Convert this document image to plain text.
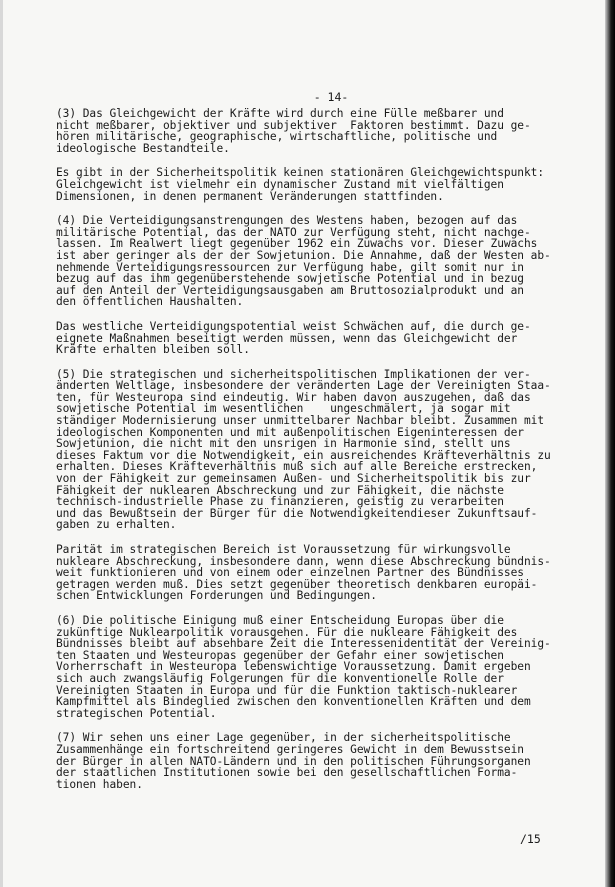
- 14-

(3) Das Gleichgewicht der Kräfte wird durch eine Fülle meßbarer und
nicht meßbarer, objektiver und subjektiver  Faktoren bestimmt. Dazu ge-
hören militärische, geographische, wirtschaftliche, politische und
ideologische Bestandteile.

Es gibt in der Sicherheitspolitik keinen stationären Gleichgewichtspunkt:
Gleichgewicht ist vielmehr ein dynamischer Zustand mit vielfältigen
Dimensionen, in denen permanent Veränderungen stattfinden.

(4) Die Verteidigungsanstrengungen des Westens haben, bezogen auf das
militärische Potential, das der NATO zur Verfügung steht, nicht nachge-
lassen. Im Realwert liegt gegenüber 1962 ein Zuwachs vor. Dieser Zuwachs
ist aber geringer als der der Sowjetunion. Die Annahme, daß der Westen ab-
nehmende Verteidigungsressourcen zur Verfügung habe, gilt somit nur in
bezug auf das ihm gegenüberstehende sowjetische Potential und in bezug
auf den Anteil der Verteidigungsausgaben am Bruttosozialprodukt und an
den öffentlichen Haushalten.

Das westliche Verteidigungspotential weist Schwächen auf, die durch ge-
eignete Maßnahmen beseitigt werden müssen, wenn das Gleichgewicht der
Kräfte erhalten bleiben soll.

(5) Die strategischen und sicherheitspolitischen Implikationen der ver-
änderten Weltlage, insbesondere der veränderten Lage der Vereinigten Staa-
ten, für Westeuropa sind eindeutig. Wir haben davon auszugehen, daß das
sowjetische Potential im wesentlichen    ungeschmälert, ja sogar mit
ständiger Modernisierung unser unmittelbarer Nachbar bleibt. Zusammen mit
ideologischen Komponenten und mit außenpolitischen Eigeninteressen der
Sowjetunion, die nicht mit den unsrigen in Harmonie sind, stellt uns
dieses Faktum vor die Notwendigkeit, ein ausreichendes Kräfteverhältnis zu
erhalten. Dieses Kräfteverhältnis muß sich auf alle Bereiche erstrecken,
von der Fähigkeit zur gemeinsamen Außen- und Sicherheitspolitik bis zur
Fähigkeit der nuklearen Abschreckung und zur Fähigkeit, die nächste
technisch-industrielle Phase zu finanzieren, geistig zu verarbeiten
und das Bewußtsein der Bürger für die Notwendigkeitendieser Zukunftsauf-
gaben zu erhalten.

Parität im strategischen Bereich ist Voraussetzung für wirkungsvolle
nukleare Abschreckung, insbesondere dann, wenn diese Abschreckung bündnis-
weit funktionieren und von einem oder einzelnen Partner des Bündnisses
getragen werden muß. Dies setzt gegenüber theoretisch denkbaren europäi-
schen Entwicklungen Forderungen und Bedingungen.

(6) Die politische Einigung muß einer Entscheidung Europas über die
zukünftige Nuklearpolitik vorausgehen. Für die nukleare Fähigkeit des
Bündnisses bleibt auf absehbare Zeit die Interessenidentität der Vereinig-
ten Staaten und Westeuropas gegenüber der Gefahr einer sowjetischen
Vorherrschaft in Westeuropa lebenswichtige Voraussetzung. Damit ergeben
sich auch zwangsläufig Folgerungen für die konventionelle Rolle der
Vereinigten Staaten in Europa und für die Funktion taktisch-nuklearer
Kampfmittel als Bindeglied zwischen den konventionellen Kräften und dem
strategischen Potential.

(7) Wir sehen uns einer Lage gegenüber, in der sicherheitspolitische
Zusammenhänge ein fortschreitend geringeres Gewicht in dem Bewusstsein
der Bürger in allen NATO-Ländern und in den politischen Führungsorganen
der staatlichen Institutionen sowie bei den gesellschaftlichen Forma-
tionen haben.

/15
